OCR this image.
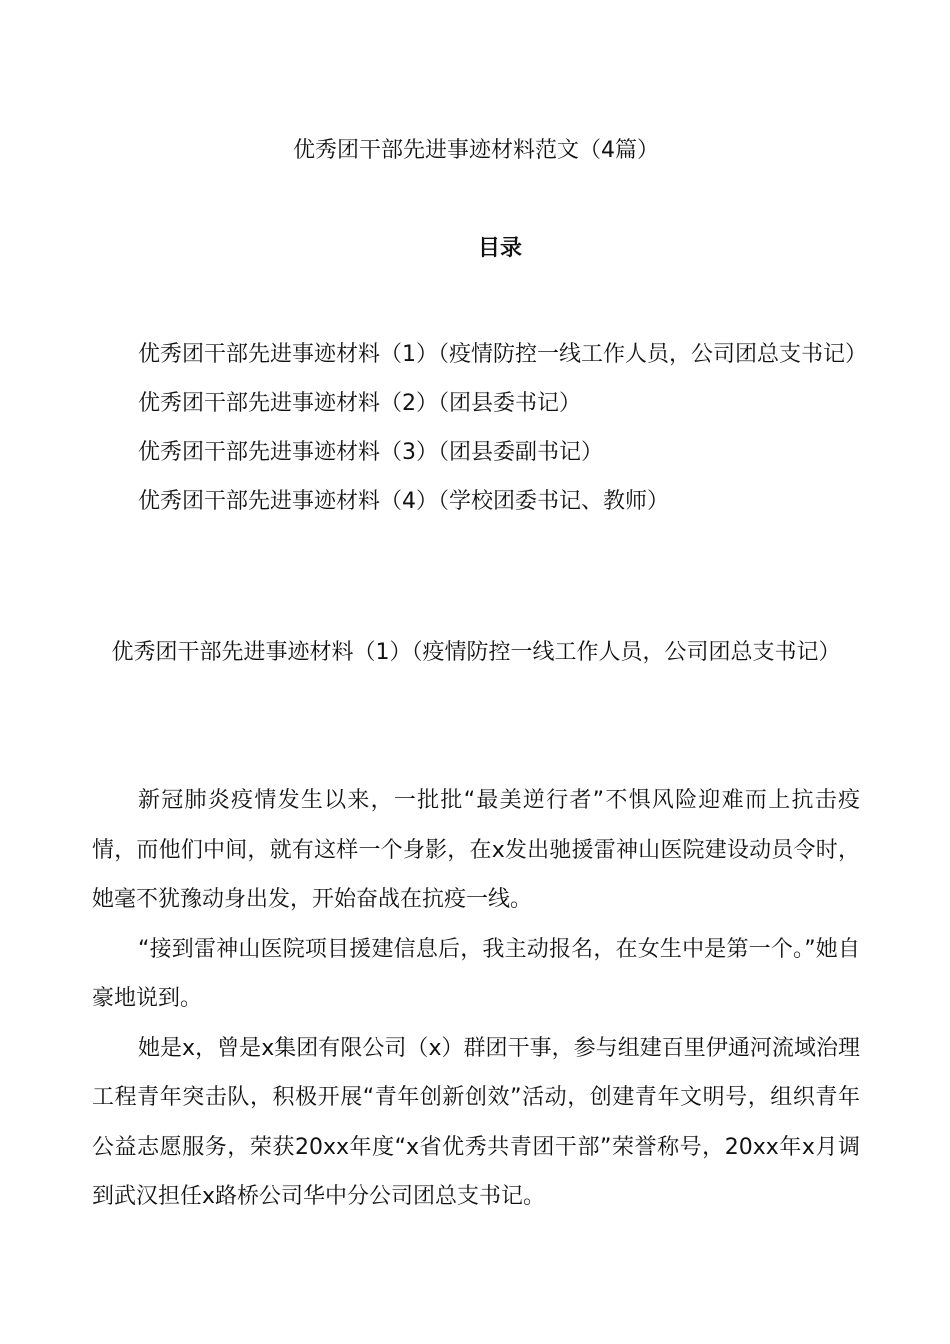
优秀团干部先进事迹材料范文（4篇）
目录
优秀团干部先进事迹材料（1）（疫情防控一线工作人员，公司团总支书记）
优秀团干部先进事迹材料（2）（团县委书记）
优秀团干部先进事迹材料（3）（团县委副书记）
优秀团干部先进事迹材料（4）（学校团委书记、教师）
优秀团干部先进事迹材料（1）（疫情防控一线工作人员，公司团总支书记）

新冠肺炎疫情发生以来，一批批“最美逆行者”不惧风险迎难而上抗击疫情，而他们中间，就有这样一个身影，在x发出驰援雷神山医院建设动员令时，她毫不犹豫动身出发，开始奋战在抗疫一线。

“接到雷神山医院项目援建信息后，我主动报名，在女生中是第一个。”她自豪地说到。

她是x，曾是x集团有限公司（x）群团干事，参与组建百里伊通河流域治理工程青年突击队，积极开展“青年创新创效”活动，创建青年文明号，组织青年公益志愿服务，荣获20xx年度“x省优秀共青团干部”荣誉称号，20xx年x月调到武汉担任x路桥公司华中分公司团总支书记。
